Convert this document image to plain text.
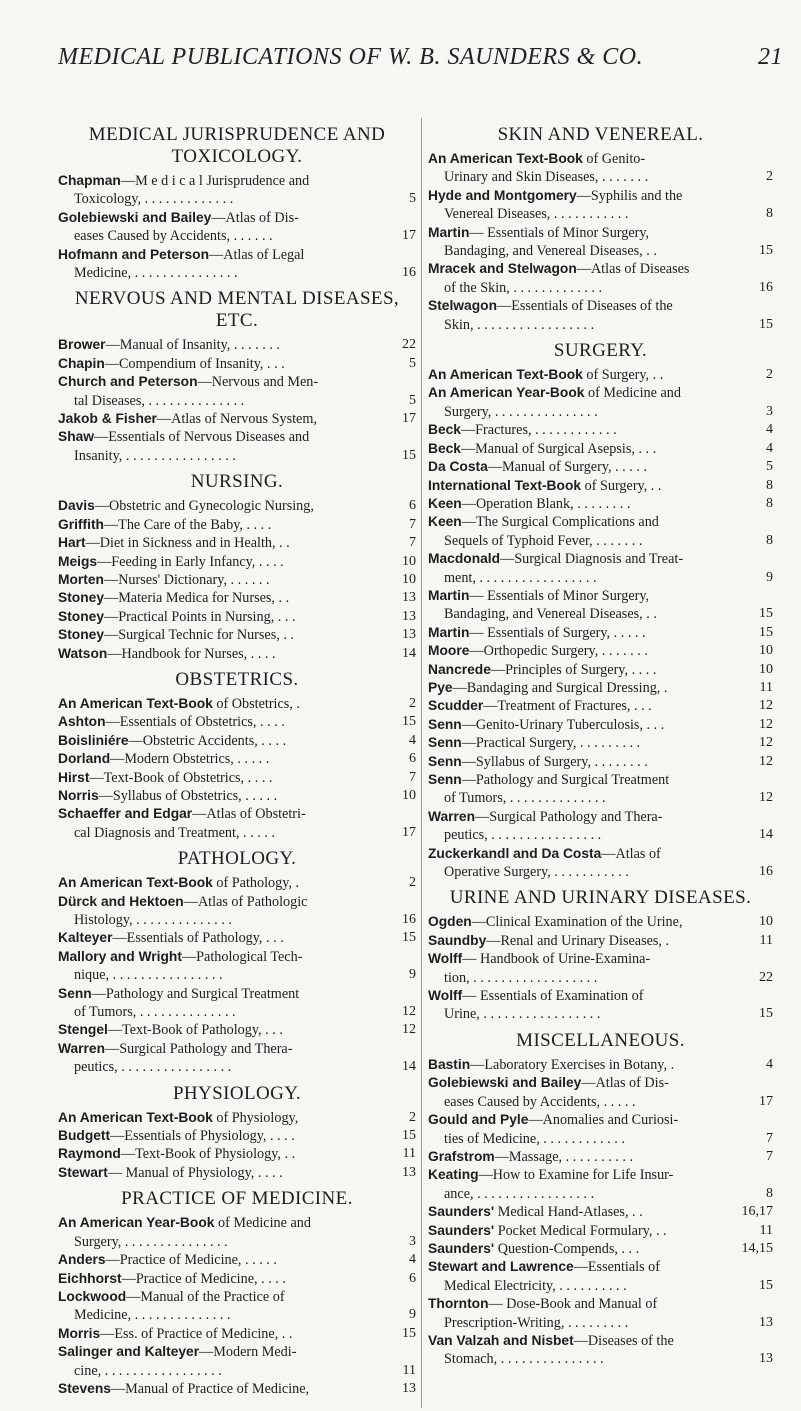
MEDICAL PUBLICATIONS OF W. B. SAUNDERS & CO.	21
MEDICAL JURISPRUDENCE AND TOXICOLOGY.
Chapman—M e d i c a l Jurisprudence and
Toxicology, . . . . . . . . . . . . .	5
Golebiewski and Bailey—Atlas of Dis-
eases Caused by Accidents, . . . . . .	17
Hofmann and Peterson—Atlas of Legal
Medicine, . . . . . . . . . . . . . . .	16
NERVOUS AND MENTAL DISEASES, ETC.
Brower—Manual of Insanity, . . . . . . .	22
Chapin—Compendium of Insanity, . . .	5
Church and Peterson—Nervous and Men-
tal Diseases, . . . . . . . . . . . . . .	5
Jakob & Fisher—Atlas of Nervous System,	17
Shaw—Essentials of Nervous Diseases and
Insanity, . . . . . . . . . . . . . . . .	15
NURSING.
Davis—Obstetric and Gynecologic Nursing,	6
Griffith—The Care of the Baby, . . . .	7
Hart—Diet in Sickness and in Health, . .	7
Meigs—Feeding in Early Infancy, . . . .	10
Morten—Nurses' Dictionary, . . . . . .	10
Stoney—Materia Medica for Nurses, . .	13
Stoney—Practical Points in Nursing, . . .	13
Stoney—Surgical Technic for Nurses, . .	13
Watson—Handbook for Nurses, . . . .	14
OBSTETRICS.
An American Text-Book of Obstetrics, .	2
Ashton—Essentials of Obstetrics, . . . .	15
Boisliniére—Obstetric Accidents, . . . .	4
Dorland—Modern Obstetrics, . . . . .	6
Hirst—Text-Book of Obstetrics, . . . .	7
Norris—Syllabus of Obstetrics, . . . . .	10
Schaeffer and Edgar—Atlas of Obstetri-
cal Diagnosis and Treatment, . . . . .	17
PATHOLOGY.
An American Text-Book of Pathology, .	2
Dürck and Hektoen—Atlas of Pathologic
Histology, . . . . . . . . . . . . . .	16
Kalteyer—Essentials of Pathology, . . .	15
Mallory and Wright—Pathological Tech-
nique, . . . . . . . . . . . . . . . .	9
Senn—Pathology and Surgical Treatment
of Tumors, . . . . . . . . . . . . . .	12
Stengel—Text-Book of Pathology, . . .	12
Warren—Surgical Pathology and Thera-
peutics, . . . . . . . . . . . . . . . .	14
PHYSIOLOGY.
An American Text-Book of Physiology,	2
Budgett—Essentials of Physiology, . . . .	15
Raymond—Text-Book of Physiology, . .	11
Stewart— Manual of Physiology, . . . .	13
PRACTICE OF MEDICINE.
An American Year-Book of Medicine and
Surgery, . . . . . . . . . . . . . . .	3
Anders—Practice of Medicine, . . . . .	4
Eichhorst—Practice of Medicine, . . . .	6
Lockwood—Manual of the Practice of
Medicine, . . . . . . . . . . . . . .	9
Morris—Ess. of Practice of Medicine, . .	15
Salinger and Kalteyer—Modern Medi-
cine, . . . . . . . . . . . . . . . . .	11
Stevens—Manual of Practice of Medicine,	13
SKIN AND VENEREAL.
An American Text-Book of Genito-
Urinary and Skin Diseases, . . . . . . .	2
Hyde and Montgomery—Syphilis and the
Venereal Diseases, . . . . . . . . . . .	8
Martin— Essentials of Minor Surgery,
Bandaging, and Venereal Diseases, . .	15
Mracek and Stelwagon—Atlas of Diseases
of the Skin, . . . . . . . . . . . . .	16
Stelwagon—Essentials of Diseases of the
Skin, . . . . . . . . . . . . . . . . .	15
SURGERY.
An American Text-Book of Surgery, . .	2
An American Year-Book of Medicine and
Surgery, . . . . . . . . . . . . . . .	3
Beck—Fractures, . . . . . . . . . . . .	4
Beck—Manual of Surgical Asepsis, . . .	4
Da Costa—Manual of Surgery, . . . . .	5
International Text-Book of Surgery, . .	8
Keen—Operation Blank, . . . . . . . .	8
Keen—The Surgical Complications and
Sequels of Typhoid Fever, . . . . . . .	8
Macdonald—Surgical Diagnosis and Treat-
ment, . . . . . . . . . . . . . . . . .	9
Martin— Essentials of Minor Surgery,
Bandaging, and Venereal Diseases, . .	15
Martin— Essentials of Surgery, . . . . .	15
Moore—Orthopedic Surgery, . . . . . . .	10
Nancrede—Principles of Surgery, . . . .	10
Pye—Bandaging and Surgical Dressing, .	11
Scudder—Treatment of Fractures, . . .	12
Senn—Genito-Urinary Tuberculosis, . . .	12
Senn—Practical Surgery, . . . . . . . . .	12
Senn—Syllabus of Surgery, . . . . . . . .	12
Senn—Pathology and Surgical Treatment
of Tumors, . . . . . . . . . . . . . .	12
Warren—Surgical Pathology and Thera-
peutics, . . . . . . . . . . . . . . . .	14
Zuckerkandl and Da Costa—Atlas of
Operative Surgery, . . . . . . . . . . .	16
URINE AND URINARY DISEASES.
Ogden—Clinical Examination of the Urine,	10
Saundby—Renal and Urinary Diseases, .	11
Wolff— Handbook of Urine-Examina-
tion, . . . . . . . . . . . . . . . . . .	22
Wolff— Essentials of Examination of
Urine, . . . . . . . . . . . . . . . . .	15
MISCELLANEOUS.
Bastin—Laboratory Exercises in Botany, .	4
Golebiewski and Bailey—Atlas of Dis-
eases Caused by Accidents, . . . . .	17
Gould and Pyle—Anomalies and Curiosi-
ties of Medicine, . . . . . . . . . . . .	7
Grafstrom—Massage, . . . . . . . . . .	7
Keating—How to Examine for Life Insur-
ance, . . . . . . . . . . . . . . . . .	8
Saunders' Medical Hand-Atlases, . .	16,17
Saunders' Pocket Medical Formulary, . .	11
Saunders' Question-Compends, . . .	14,15
Stewart and Lawrence—Essentials of
Medical Electricity, . . . . . . . . . .	15
Thornton— Dose-Book and Manual of
Prescription-Writing, . . . . . . . . .	13
Van Valzah and Nisbet—Diseases of the
Stomach, . . . . . . . . . . . . . . .	13
